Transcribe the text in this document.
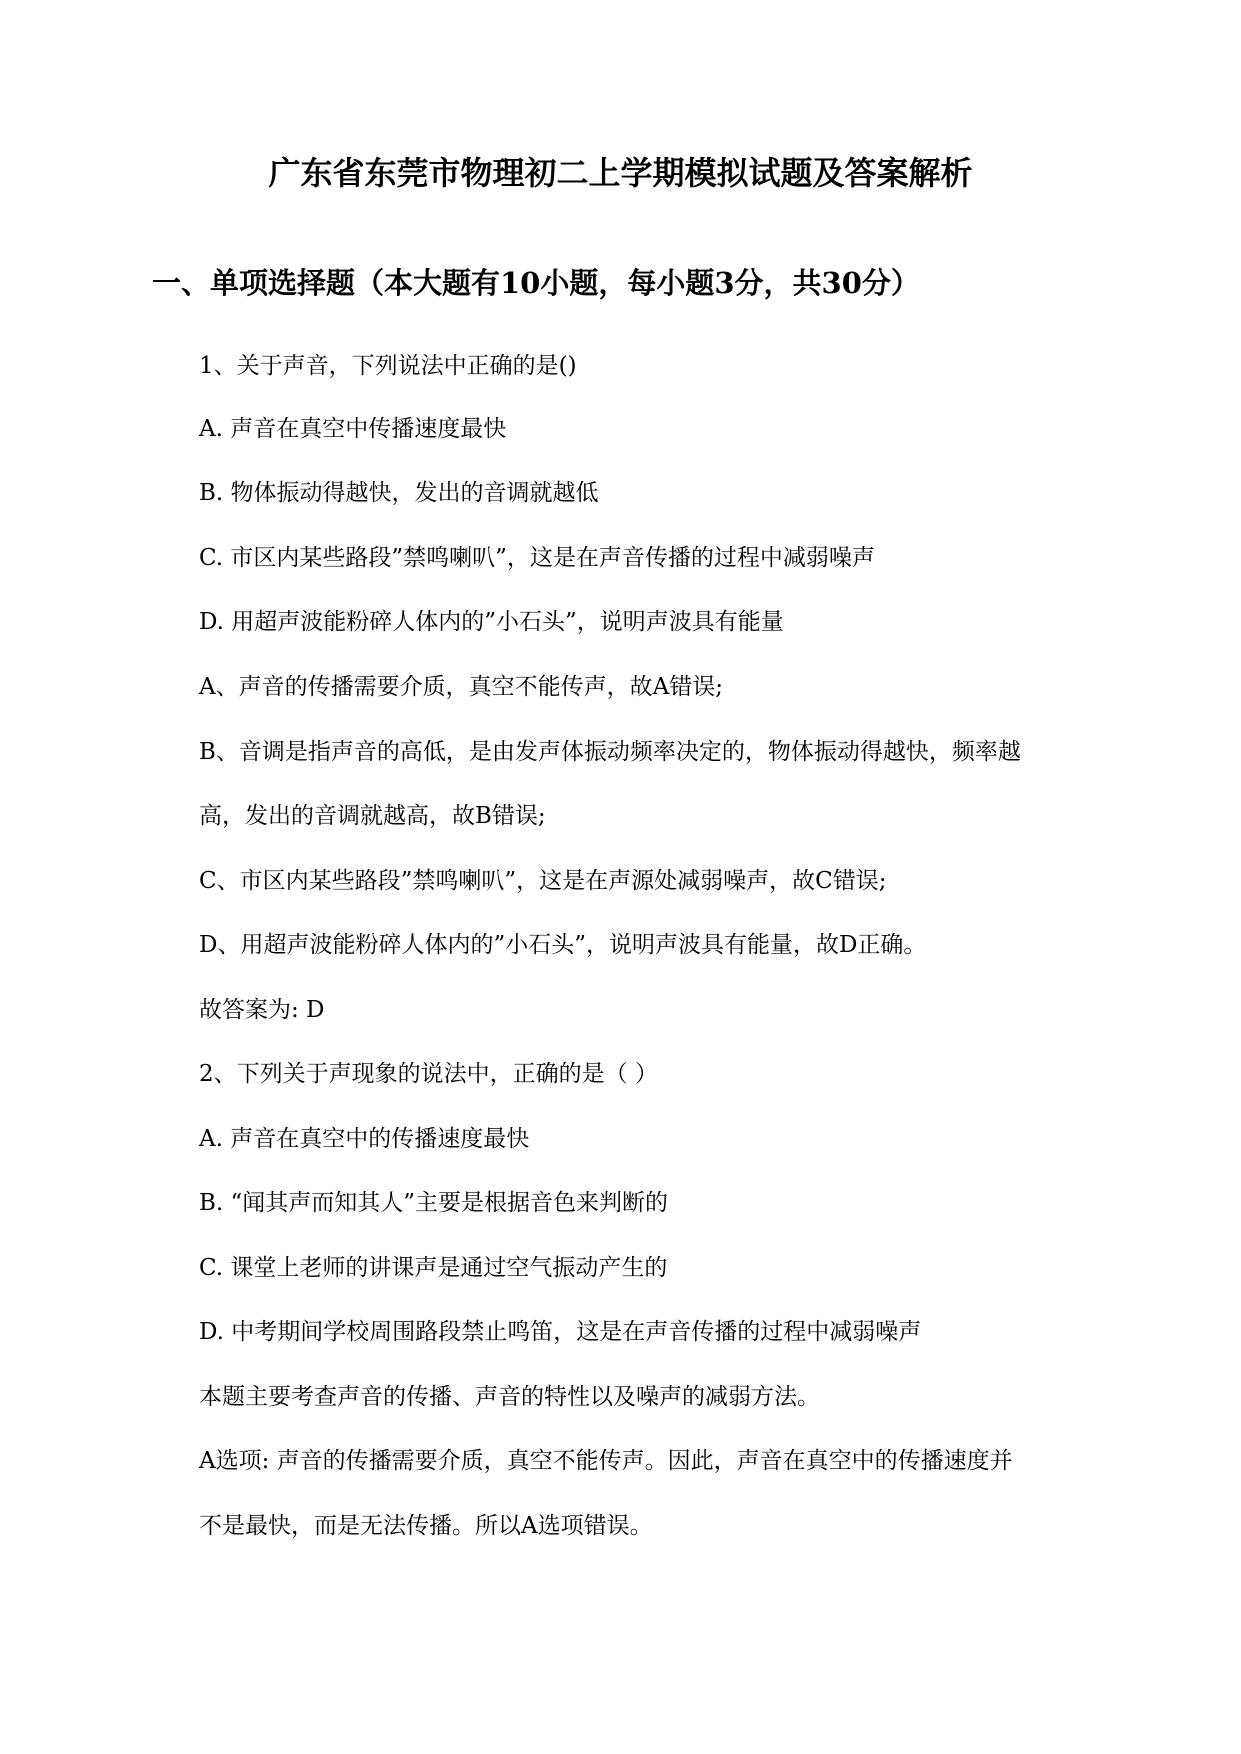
广东省东莞市物理初二上学期模拟试题及答案解析
一、单项选择题（本大题有10小题，每小题3分，共30分）
1、关于声音，下列说法中正确的是()
A. 声音在真空中传播速度最快
B. 物体振动得越快，发出的音调就越低
C. 市区内某些路段”禁鸣喇叭”，这是在声音传播的过程中减弱噪声
D. 用超声波能粉碎人体内的”小石头”，说明声波具有能量
A、声音的传播需要介质，真空不能传声，故A错误;
B、音调是指声音的高低，是由发声体振动频率决定的，物体振动得越快，频率越
高，发出的音调就越高，故B错误;
C、市区内某些路段”禁鸣喇叭”，这是在声源处减弱噪声，故C错误;
D、用超声波能粉碎人体内的”小石头”，说明声波具有能量，故D正确。
故答案为: D
2、下列关于声现象的说法中，正确的是（ ）
A. 声音在真空中的传播速度最快
B. “闻其声而知其人”主要是根据音色来判断的
C. 课堂上老师的讲课声是通过空气振动产生的
D. 中考期间学校周围路段禁止鸣笛，这是在声音传播的过程中减弱噪声
本题主要考查声音的传播、声音的特性以及噪声的减弱方法。
A选项: 声音的传播需要介质，真空不能传声。因此，声音在真空中的传播速度并
不是最快，而是无法传播。所以A选项错误。
